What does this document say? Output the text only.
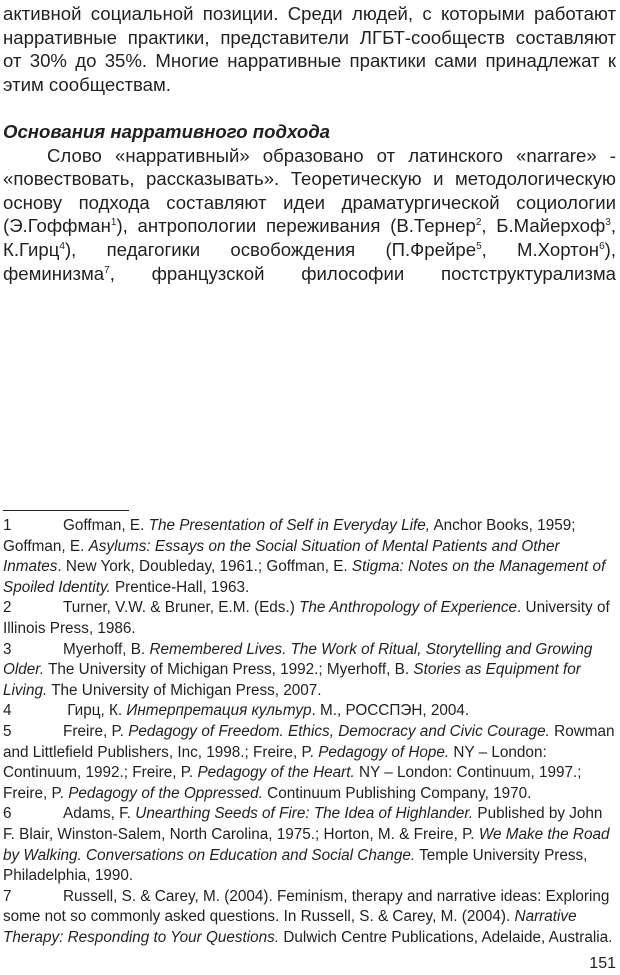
активной социальной позиции. Среди людей, с которыми работают нарративные практики, представители ЛГБТ-сообществ составляют от 30% до 35%. Многие нарративные практики сами принадлежат к этим сообществам.

Основания нарративного подхода

Слово «нарративный» образовано от латинского «narrare» - «повествовать, рассказывать». Теоретическую и методологическую основу подхода составляют идеи драматургической социологии (Э.Гоффман$^1$), антропологии переживания (В.Тернер$^2$, Б.Майерхоф$^3$, К.Гирц$^4$), педагогики освобождения (П.Фрейре$^5$, М.Хортон$^6$), феминизма$^7$, французской философии постструктурализма

1	Goffman, E. The Presentation of Self in Everyday Life, Anchor Books, 1959; Goffman, E. Asylums: Essays on the Social Situation of Mental Patients and Other Inmates. New York, Doubleday, 1961.; Goffman, E. Stigma: Notes on the Management of Spoiled Identity. Prentice-Hall, 1963.

2	Turner, V.W. & Bruner, E.M. (Eds.) The Anthropology of Experience. University of Illinois Press, 1986.

3	Myerhoff, B. Remembered Lives. The Work of Ritual, Storytelling and Growing Older. The University of Michigan Press, 1992.; Myerhoff, B. Stories as Equipment for Living. The University of Michigan Press, 2007.

4	Гирц, К. Интерпретация культур. М., РОССПЭН, 2004.

5	Freire, P. Pedagogy of Freedom. Ethics, Democracy and Civic Courage. Rowman and Littlefield Publishers, Inc, 1998.; Freire, P. Pedagogy of Hope. NY – London: Continuum, 1992.; Freire, P. Pedagogy of the Heart. NY – London: Continuum, 1997.; Freire, P. Pedagogy of the Oppressed. Continuum Publishing Company, 1970.

6	Adams, F. Unearthing Seeds of Fire: The Idea of Highlander. Published by John F. Blair, Winston-Salem, North Carolina, 1975.; Horton, M. & Freire, P. We Make the Road by Walking. Conversations on Education and Social Change. Temple University Press, Philadelphia, 1990.

7	Russell, S. & Carey, M. (2004). Feminism, therapy and narrative ideas: Exploring some not so commonly asked questions. In Russell, S. & Carey, M. (2004). Narrative Therapy: Responding to Your Questions. Dulwich Centre Publications, Adelaide, Australia.

151
